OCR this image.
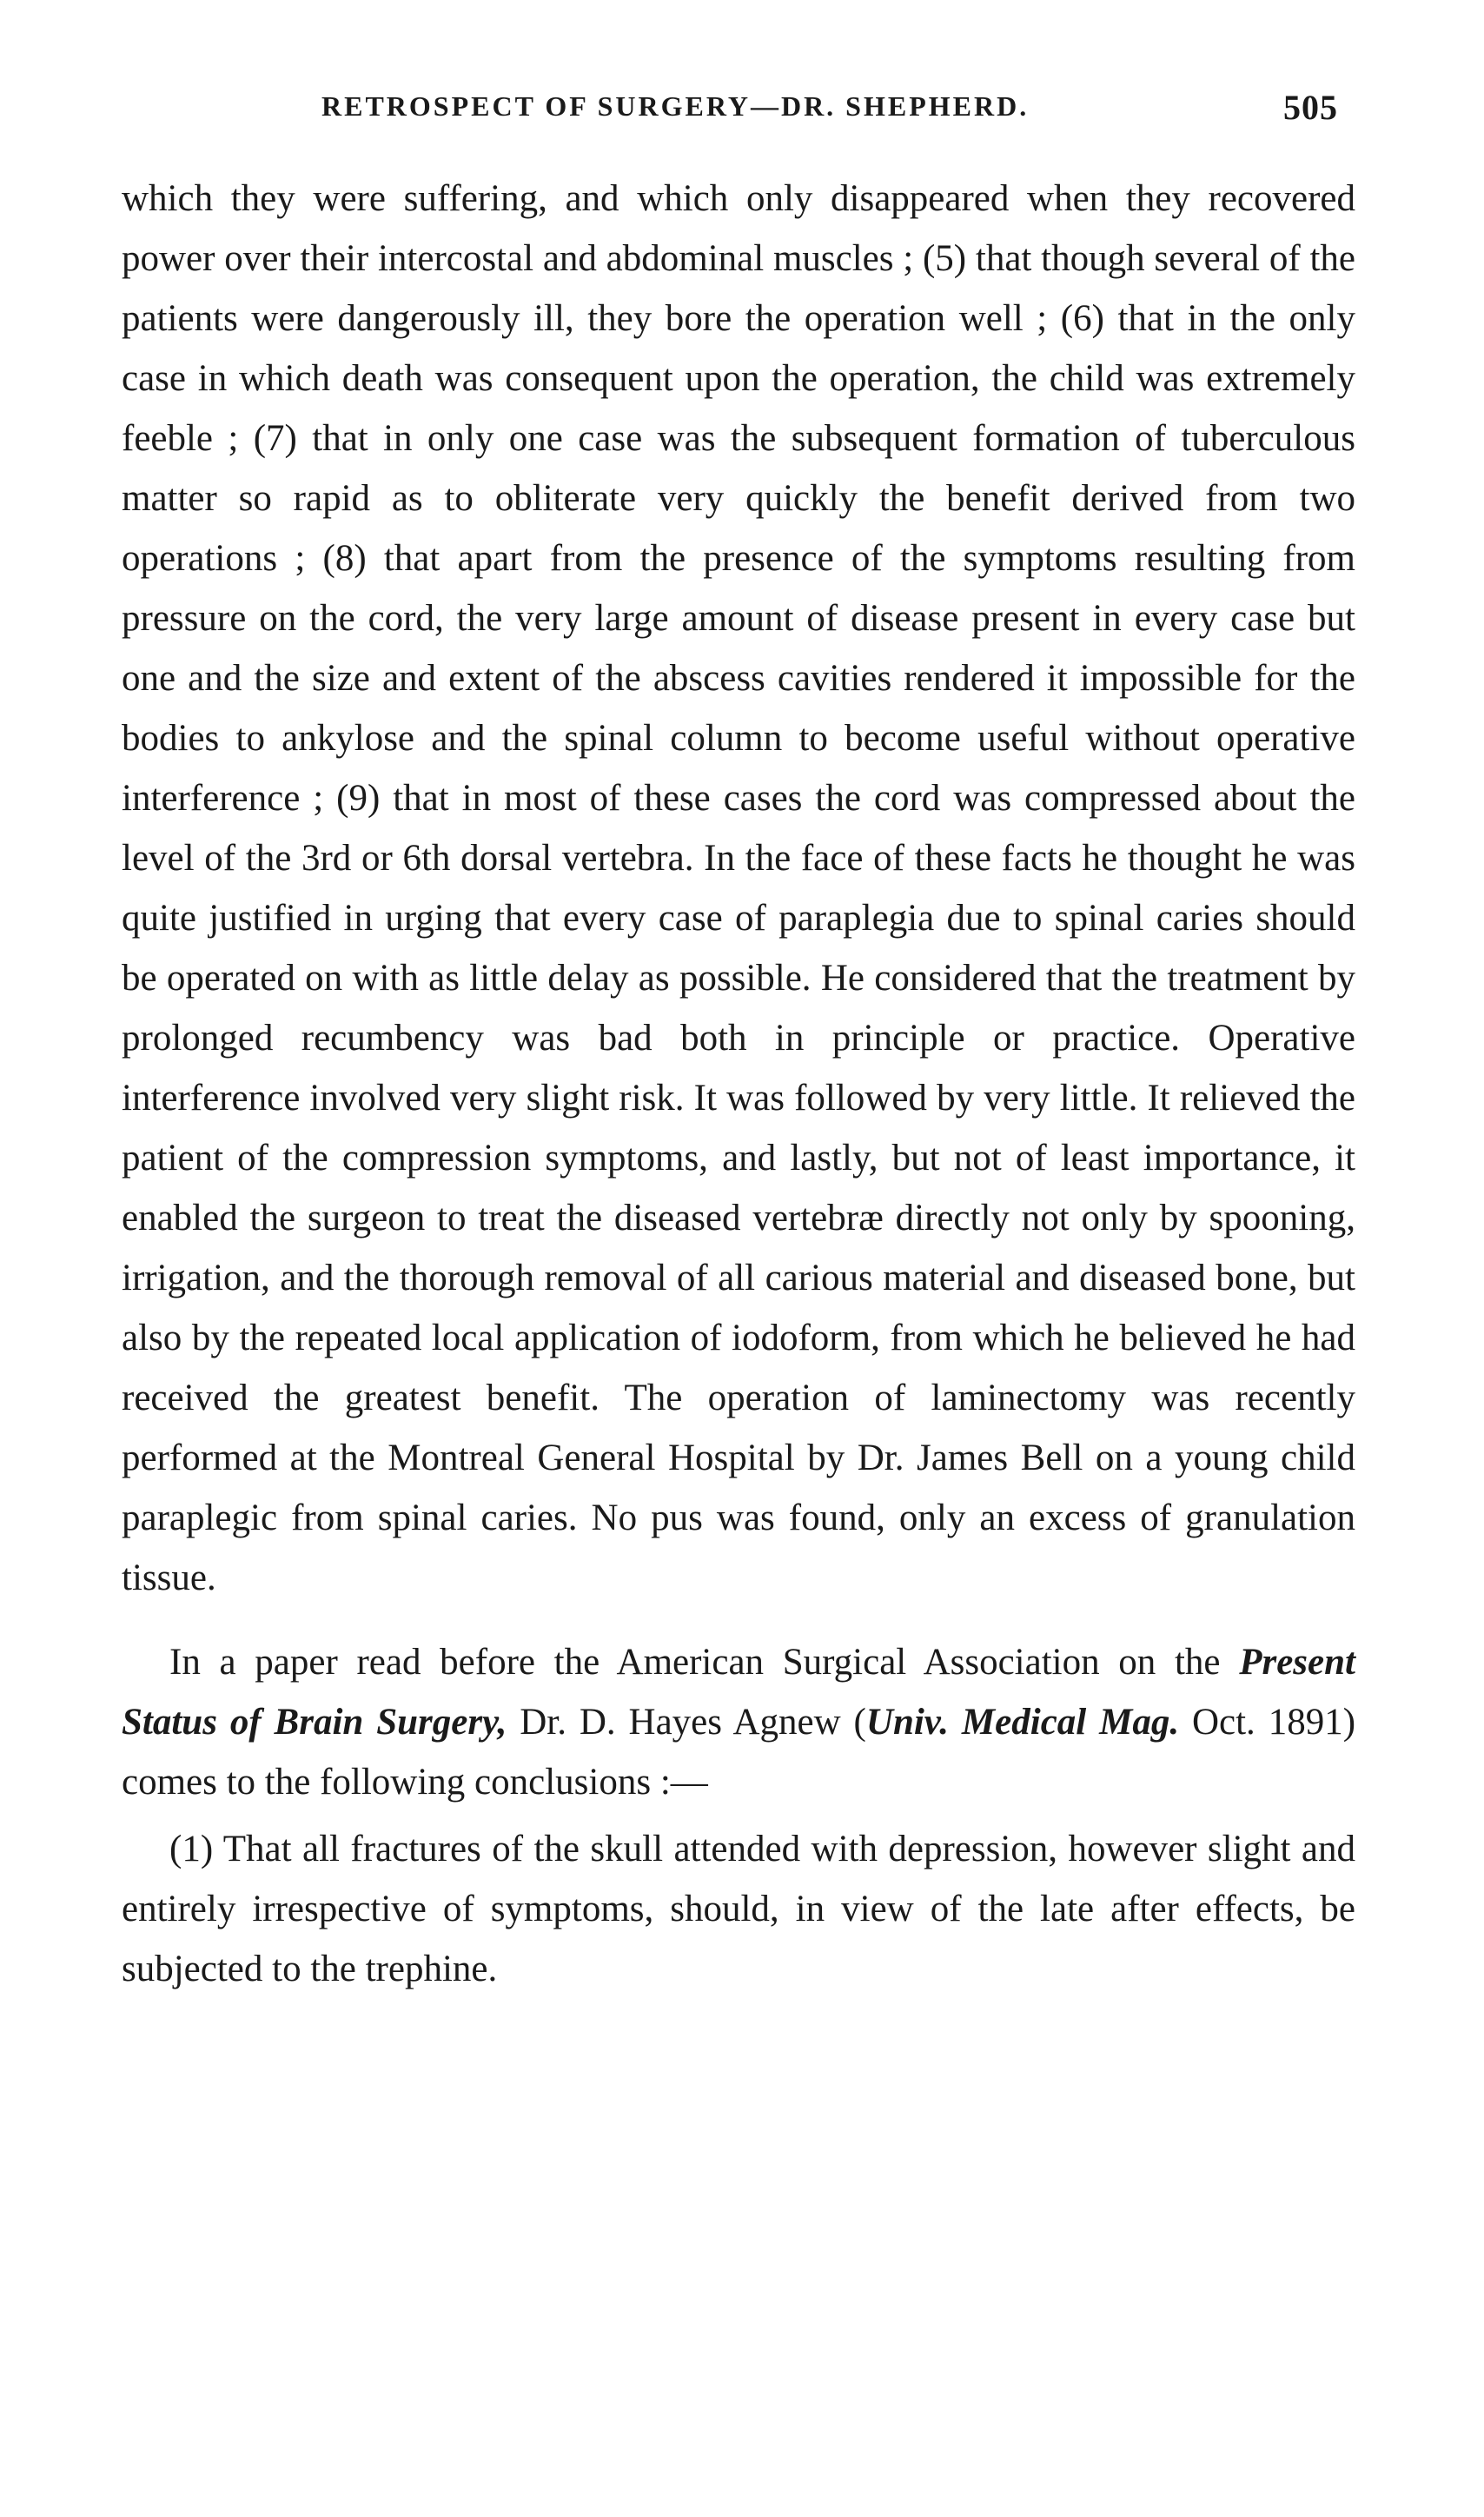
RETROSPECT OF SURGERY—DR. SHEPHERD.	505

which they were suffering, and which only disappeared when they recovered power over their intercostal and abdominal muscles ; (5) that though several of the patients were dangerously ill, they bore the operation well ; (6) that in the only case in which death was consequent upon the operation, the child was extremely feeble ; (7) that in only one case was the subsequent formation of tuberculous matter so rapid as to obliterate very quickly the benefit derived from two operations ; (8) that apart from the presence of the symptoms resulting from pressure on the cord, the very large amount of disease present in every case but one and the size and extent of the abscess cavities rendered it impossible for the bodies to ankylose and the spinal column to become useful without operative interference ; (9) that in most of these cases the cord was compressed about the level of the 3rd or 6th dorsal vertebra. In the face of these facts he thought he was quite justified in urging that every case of paraplegia due to spinal caries should be operated on with as little delay as possible. He considered that the treatment by prolonged recumbency was bad both in principle or practice. Operative interference involved very slight risk. It was followed by very little. It relieved the patient of the compression symptoms, and lastly, but not of least importance, it enabled the surgeon to treat the diseased vertebræ directly not only by spooning, irrigation, and the thorough removal of all carious material and diseased bone, but also by the repeated local application of iodoform, from which he believed he had received the greatest benefit. The operation of laminectomy was recently performed at the Montreal General Hospital by Dr. James Bell on a young child paraplegic from spinal caries. No pus was found, only an excess of granulation tissue.

In a paper read before the American Surgical Association on the Present Status of Brain Surgery, Dr. D. Hayes Agnew (Univ. Medical Mag. Oct. 1891) comes to the following conclusions :—

(1) That all fractures of the skull attended with depression, however slight and entirely irrespective of symptoms, should, in view of the late after effects, be subjected to the trephine.
